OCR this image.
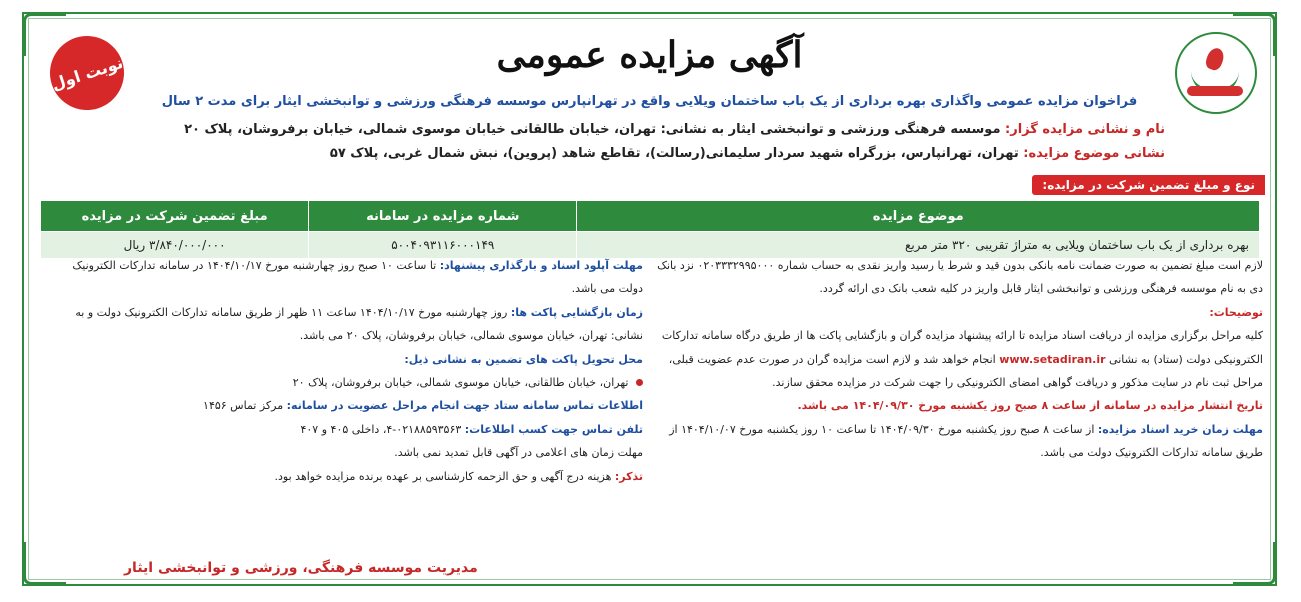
نوبت اول	آگهی مزایده عمومی
فراخوان مزایده عمومی واگذاری بهره برداری از یک باب ساختمان ویلایی واقع در تهرانپارس موسسه فرهنگی ورزشی و توانبخشی ایثار برای مدت ۲ سال
نام و نشانی مزایده گزار: موسسه فرهنگی ورزشی و توانبخشی ایثار به نشانی: تهران، خیابان طالقانی خیابان موسوی شمالی، خیابان برفروشان، پلاک ۲۰
نشانی موضوع مزایده: تهران، تهرانپارس، بزرگراه شهید سردار سلیمانی(رسالت)، تقاطع شاهد (پروین)، نبش شمال غربی، پلاک ۵۷
نوع و مبلغ تضمین شرکت در مزایده:
موضوع مزایده	شماره مزایده در سامانه	مبلغ تضمین شرکت در مزایده
بهره برداری از یک باب ساختمان ویلایی به متراژ تقریبی ۳۲۰ متر مربع	۵۰۰۴۰۹۳۱۱۶۰۰۰۱۴۹	۳/۸۴۰/۰۰۰/۰۰۰ ریال

لازم است مبلغ تضمین به صورت ضمانت نامه بانکی بدون قید و شرط یا رسید واریز نقدی به حساب شماره ۰۲۰۳۳۳۲۹۹۵۰۰۰ نزد بانک دی به نام موسسه فرهنگی ورزشی و توانبخشی ایثار قابل واریز در کلیه شعب بانک دی ارائه گردد.

توضیحات:

کلیه مراحل برگزاری مزایده از دریافت اسناد مزایده تا ارائه پیشنهاد مزایده گران و بازگشایی پاکت ها از طریق درگاه سامانه تدارکات الکترونیکی دولت (ستاد) به نشانی www.setadiran.ir انجام خواهد شد و لازم است مزایده گران در صورت عدم عضویت قبلی، مراحل ثبت نام در سایت مذکور و دریافت گواهی امضای الکترونیکی را جهت شرکت در مزایده محقق سازند.

تاریخ انتشار مزایده در سامانه از ساعت ۸ صبح روز یکشنبه مورخ ۱۴۰۴/۰۹/۳۰ می باشد.

مهلت زمان خرید اسناد مزایده: از ساعت ۸ صبح روز یکشنبه مورخ ۱۴۰۴/۰۹/۳۰ تا ساعت ۱۰ روز یکشنبه مورخ ۱۴۰۴/۱۰/۰۷ از طریق سامانه تدارکات الکترونیک دولت می باشد.

مهلت آپلود اسناد و بارگذاری پیشنهاد: تا ساعت ۱۰ صبح روز چهارشنبه مورخ ۱۴۰۴/۱۰/۱۷ در سامانه تدارکات الکترونیک دولت می باشد.

زمان بازگشایی پاکت ها: روز چهارشنبه مورخ ۱۴۰۴/۱۰/۱۷ ساعت ۱۱ ظهر از طریق سامانه تدارکات الکترونیک دولت و به نشانی: تهران، خیابان موسوی شمالی، خیابان برفروشان، پلاک ۲۰ می باشد.

محل تحویل پاکت های تضمین به نشانی ذیل:

تهران، خیابان طالقانی، خیابان موسوی شمالی، خیابان برفروشان، پلاک ۲۰

اطلاعات تماس سامانه ستاد جهت انجام مراحل عضویت در سامانه: مرکز تماس ۱۴۵۶

تلفن تماس جهت کسب اطلاعات: ۰۲۱۸۸۵۹۳۵۶۳-۴، داخلی ۴۰۵ و ۴۰۷

مهلت زمان های اعلامی در آگهی قابل تمدید نمی باشد.

تذکر: هزینه درج آگهی و حق الزحمه کارشناسی بر عهده برنده مزایده خواهد بود.

مدیریت موسسه فرهنگی، ورزشی و توانبخشی ایثار
